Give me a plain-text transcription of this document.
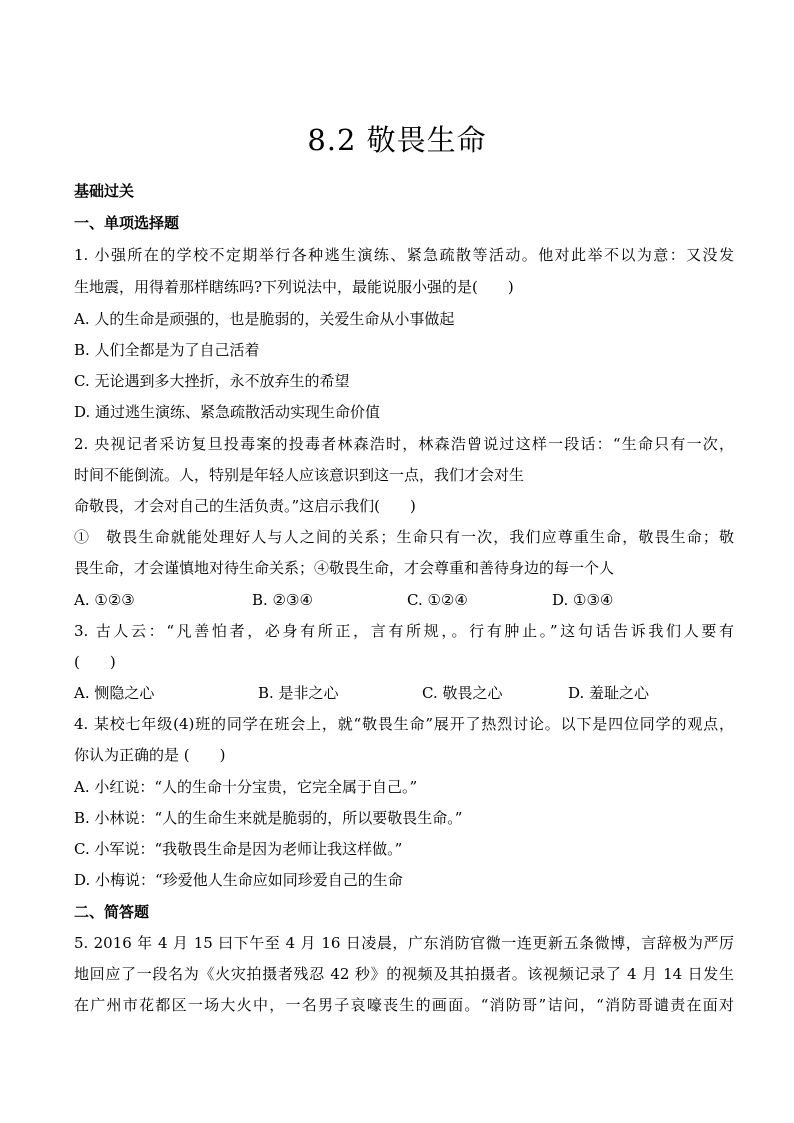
8.2 敬畏生命
基础过关
一、单项选择题
1. 小强所在的学校不定期举行各种逃生演练、紧急疏散等活动。他对此举不以为意：又没发
生地震，用得着那样瞎练吗?下列说法中，最能说服小强的是(　　)
A. 人的生命是顽强的，也是脆弱的，关爱生命从小事做起
B. 人们全都是为了自己活着
C. 无论遇到多大挫折，永不放弃生的希望
D. 通过逃生演练、紧急疏散活动实现生命价值
2. 央视记者采访复旦投毒案的投毒者林森浩时，林森浩曾说过这样一段话：“生命只有一次，
时间不能倒流。人，特别是年轻人应该意识到这一点，我们才会对生
命敬畏，才会对自己的生活负责。”这启示我们(　　)
①　敬畏生命就能处理好人与人之间的关系；生命只有一次，我们应尊重生命，敬畏生命；敬
畏生命，才会谨慎地对待生命关系；④敬畏生命，才会尊重和善待身边的每一个人
A. ①②③	B. ②③④	C. ①②④	D. ①③④
3. 古人云：“凡善怕者，必身有所正，言有所规，。行有肿止。”这句话告诉我们人要有
(　　)
A. 恻隐之心	B. 是非之心	C. 敬畏之心	D. 羞耻之心
4. 某校七年级(4)班的同学在班会上，就“敬畏生命”展开了热烈讨论。以下是四位同学的观点，
你认为正确的是 (　　)
A. 小红说：“人的生命十分宝贵，它完全属于自己。”
B. 小林说：“人的生命生来就是脆弱的，所以要敬畏生命。”
C. 小军说：“我敬畏生命是因为老师让我这样做。”
D. 小梅说：“珍爱他人生命应如同珍爱自己的生命
二、简答题
5. 2016 年 4 月 15 曰下午至 4 月 16 日凌晨，广东消防官微一连更新五条微博，言辞极为严厉
地回应了一段名为《火灾拍摄者残忍 42 秒》的视频及其拍摄者。该视频记录了 4 月 14 日发生
在广州市花都区一场大火中，一名男子哀嚎丧生的画面。“消防哥”诘问，“消防哥谴责在面对
